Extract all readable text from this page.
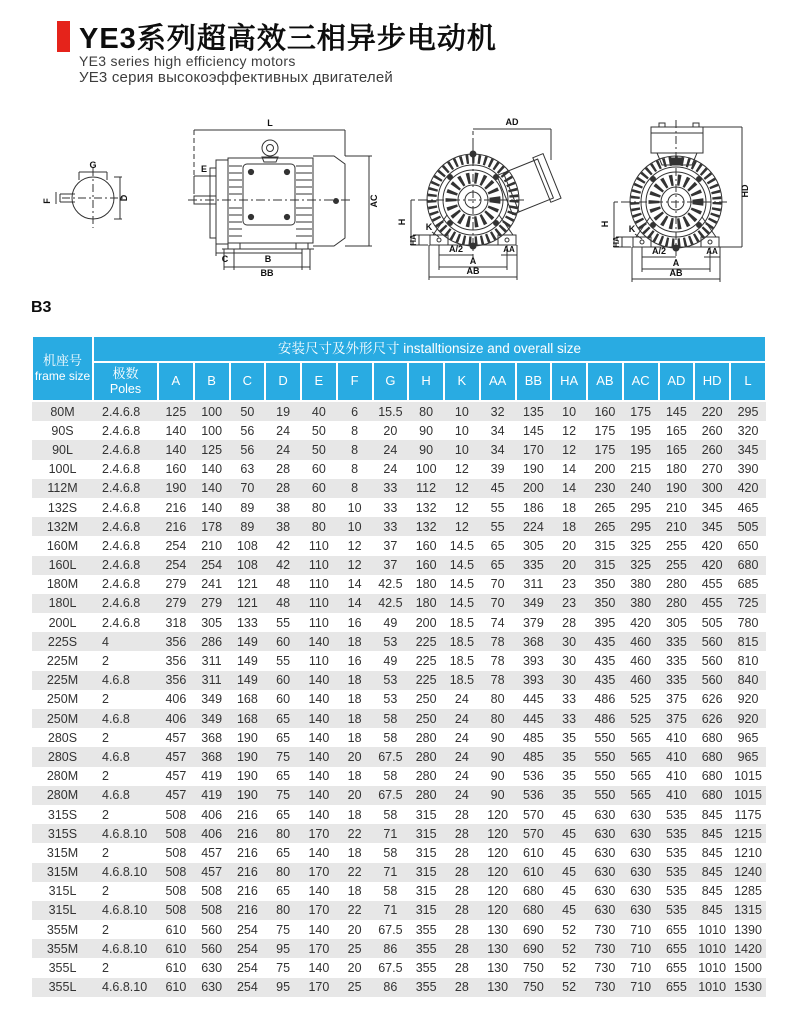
YE3系列超高效三相异步电动机
YE3 series high efficiency motors
УЕ3 серия высокоэффективных двигателей
G
F	D
L
E
AC
C	B
BB
AD
H
HA
K
A/2
A
AB
AA
HD
H
HA
K
A/2
A
AB
AA
B3
机座号
frame size	安装尺寸及外形尺寸 installtionsize and overall size																	

	极数
Poles	A	B	C	D	E	F	G	H	K	AA	BB	HA	AB	AC	AD	HD	L
80M	2.4.6.8	125	100	50	19	40	6	15.5	80	10	32	135	10	160	175	145	220	295
90S	2.4.6.8	140	100	56	24	50	8	20	90	10	34	145	12	175	195	165	260	320
90L	2.4.6.8	140	125	56	24	50	8	24	90	10	34	170	12	175	195	165	260	345
100L	2.4.6.8	160	140	63	28	60	8	24	100	12	39	190	14	200	215	180	270	390
112M	2.4.6.8	190	140	70	28	60	8	33	112	12	45	200	14	230	240	190	300	420
132S	2.4.6.8	216	140	89	38	80	10	33	132	12	55	186	18	265	295	210	345	465
132M	2.4.6.8	216	178	89	38	80	10	33	132	12	55	224	18	265	295	210	345	505
160M	2.4.6.8	254	210	108	42	110	12	37	160	14.5	65	305	20	315	325	255	420	650
160L	2.4.6.8	254	254	108	42	110	12	37	160	14.5	65	335	20	315	325	255	420	680
180M	2.4.6.8	279	241	121	48	110	14	42.5	180	14.5	70	311	23	350	380	280	455	685
180L	2.4.6.8	279	279	121	48	110	14	42.5	180	14.5	70	349	23	350	380	280	455	725
200L	2.4.6.8	318	305	133	55	110	16	49	200	18.5	74	379	28	395	420	305	505	780
225S	4	356	286	149	60	140	18	53	225	18.5	78	368	30	435	460	335	560	815
225M	2	356	311	149	55	110	16	49	225	18.5	78	393	30	435	460	335	560	810
225M	4.6.8	356	311	149	60	140	18	53	225	18.5	78	393	30	435	460	335	560	840
250M	2	406	349	168	60	140	18	53	250	24	80	445	33	486	525	375	626	920
250M	4.6.8	406	349	168	65	140	18	58	250	24	80	445	33	486	525	375	626	920
280S	2	457	368	190	65	140	18	58	280	24	90	485	35	550	565	410	680	965
280S	4.6.8	457	368	190	75	140	20	67.5	280	24	90	485	35	550	565	410	680	965
280M	2	457	419	190	65	140	18	58	280	24	90	536	35	550	565	410	680	1015
280M	4.6.8	457	419	190	75	140	20	67.5	280	24	90	536	35	550	565	410	680	1015
315S	2	508	406	216	65	140	18	58	315	28	120	570	45	630	630	535	845	1175
315S	4.6.8.10	508	406	216	80	170	22	71	315	28	120	570	45	630	630	535	845	1215
315M	2	508	457	216	65	140	18	58	315	28	120	610	45	630	630	535	845	1210
315M	4.6.8.10	508	457	216	80	170	22	71	315	28	120	610	45	630	630	535	845	1240
315L	2	508	508	216	65	140	18	58	315	28	120	680	45	630	630	535	845	1285
315L	4.6.8.10	508	508	216	80	170	22	71	315	28	120	680	45	630	630	535	845	1315
355M	2	610	560	254	75	140	20	67.5	355	28	130	690	52	730	710	655	1010	1390
355M	4.6.8.10	610	560	254	95	170	25	86	355	28	130	690	52	730	710	655	1010	1420
355L	2	610	630	254	75	140	20	67.5	355	28	130	750	52	730	710	655	1010	1500
355L	4.6.8.10	610	630	254	95	170	25	86	355	28	130	750	52	730	710	655	1010	1530
